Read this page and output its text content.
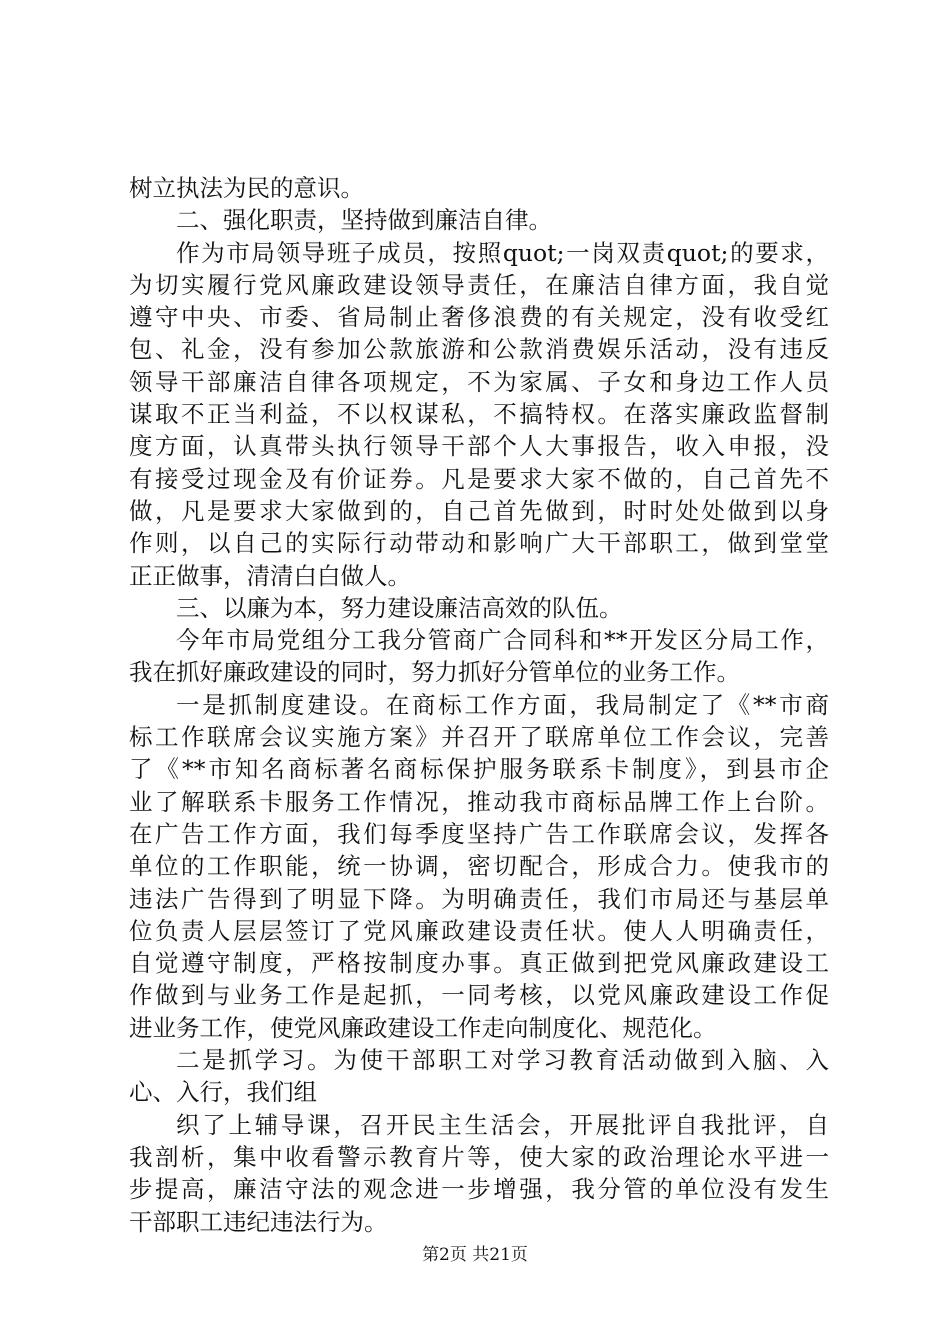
树立执法为民的意识。
二、强化职责，坚持做到廉洁自律。
作为市局领导班子成员，按照quot;一岗双责quot;的要求，
为切实履行党风廉政建设领导责任，在廉洁自律方面，我自觉
遵守中央、市委、省局制止奢侈浪费的有关规定，没有收受红
包、礼金，没有参加公款旅游和公款消费娱乐活动，没有违反
领导干部廉洁自律各项规定，不为家属、子女和身边工作人员
谋取不正当利益，不以权谋私，不搞特权。在落实廉政监督制
度方面，认真带头执行领导干部个人大事报告，收入申报，没
有接受过现金及有价证券。凡是要求大家不做的，自己首先不
做，凡是要求大家做到的，自己首先做到，时时处处做到以身
作则，以自己的实际行动带动和影响广大干部职工，做到堂堂
正正做事，清清白白做人。
三、以廉为本，努力建设廉洁高效的队伍。
今年市局党组分工我分管商广合同科和**开发区分局工作，
我在抓好廉政建设的同时，努力抓好分管单位的业务工作。
一是抓制度建设。在商标工作方面，我局制定了《**市商
标工作联席会议实施方案》并召开了联席单位工作会议，完善
了《**市知名商标著名商标保护服务联系卡制度》，到县市企
业了解联系卡服务工作情况，推动我市商标品牌工作上台阶。
在广告工作方面，我们每季度坚持广告工作联席会议，发挥各
单位的工作职能，统一协调，密切配合，形成合力。使我市的
违法广告得到了明显下降。为明确责任，我们市局还与基层单
位负责人层层签订了党风廉政建设责任状。使人人明确责任，
自觉遵守制度，严格按制度办事。真正做到把党风廉政建设工
作做到与业务工作是起抓，一同考核，以党风廉政建设工作促
进业务工作，使党风廉政建设工作走向制度化、规范化。
二是抓学习。为使干部职工对学习教育活动做到入脑、入
心、入行，我们组
织了上辅导课，召开民主生活会，开展批评自我批评，自
我剖析，集中收看警示教育片等，使大家的政治理论水平进一
步提高，廉洁守法的观念进一步增强，我分管的单位没有发生
干部职工违纪违法行为。
第2页 共21页
